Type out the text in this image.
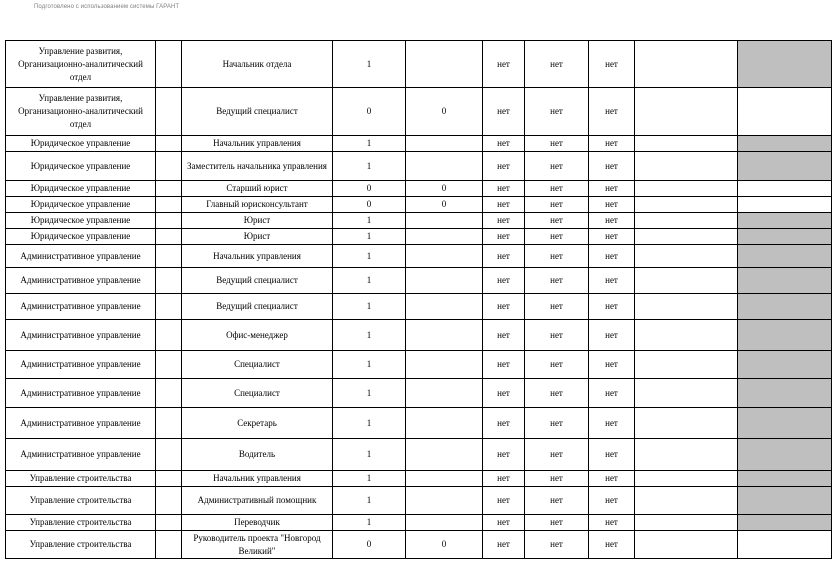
Подготовлено с использованием системы ГАРАНТ
Управление развития, Организационно-аналитический отдел		Начальник отдела	1		нет	нет	нет		
Управление развития, Организационно-аналитический отдел		Ведущий специалист	0	0	нет	нет	нет		
Юридическое управление		Начальник управления	1		нет	нет	нет		
Юридическое управление		Заместитель начальника управления	1		нет	нет	нет		
Юридическое управление		Старший юрист	0	0	нет	нет	нет		
Юридическое управление		Главный юрисконсультант	0	0	нет	нет	нет		
Юридическое управление		Юрист	1		нет	нет	нет		
Юридическое управление		Юрист	1		нет	нет	нет		
Административное управление		Начальник управления	1		нет	нет	нет		
Административное управление		Ведущий специалист	1		нет	нет	нет		
Административное управление		Ведущий специалист	1		нет	нет	нет		
Административное управление		Офис-менеджер	1		нет	нет	нет		
Административное управление		Специалист	1		нет	нет	нет		
Административное управление		Специалист	1		нет	нет	нет		
Административное управление		Секретарь	1		нет	нет	нет		
Административное управление		Водитель	1		нет	нет	нет		
Управление строительства		Начальник управления	1		нет	нет	нет		
Управление строительства		Административный помощник	1		нет	нет	нет		
Управление строительства		Переводчик	1		нет	нет	нет		
Управление строительства		Руководитель проекта "Новгород Великий"	0	0	нет	нет	нет		
